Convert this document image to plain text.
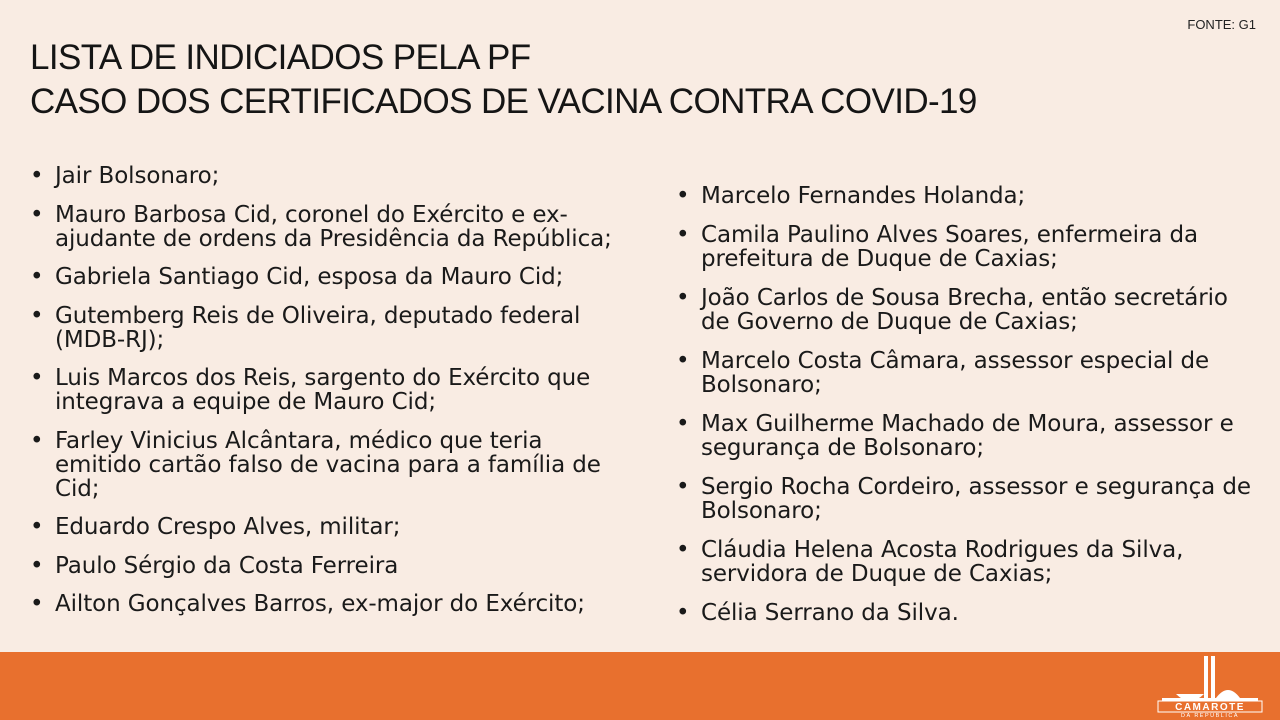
FONTE: G1
LISTA DE INDICIADOS PELA PF
CASO DOS CERTIFICADOS DE VACINA CONTRA COVID-19
• Jair Bolsonaro;
• Mauro Barbosa Cid, coronel do Exército e ex-ajudante de ordens da Presidência da República;
• Gabriela Santiago Cid, esposa da Mauro Cid;
• Gutemberg Reis de Oliveira, deputado federal (MDB-RJ);
• Luis Marcos dos Reis, sargento do Exército que integrava a equipe de Mauro Cid;
• Farley Vinicius Alcântara, médico que teria emitido cartão falso de vacina para a família de Cid;
• Eduardo Crespo Alves, militar;
• Paulo Sérgio da Costa Ferreira
• Ailton Gonçalves Barros, ex-major do Exército;
• Marcelo Fernandes Holanda;
• Camila Paulino Alves Soares, enfermeira da prefeitura de Duque de Caxias;
• João Carlos de Sousa Brecha, então secretário de Governo de Duque de Caxias;
• Marcelo Costa Câmara, assessor especial de Bolsonaro;
• Max Guilherme Machado de Moura, assessor e segurança de Bolsonaro;
• Sergio Rocha Cordeiro, assessor e segurança de Bolsonaro;
• Cláudia Helena Acosta Rodrigues da Silva, servidora de Duque de Caxias;
• Célia Serrano da Silva.
CAMAROTE
DA REPÚBLICA
